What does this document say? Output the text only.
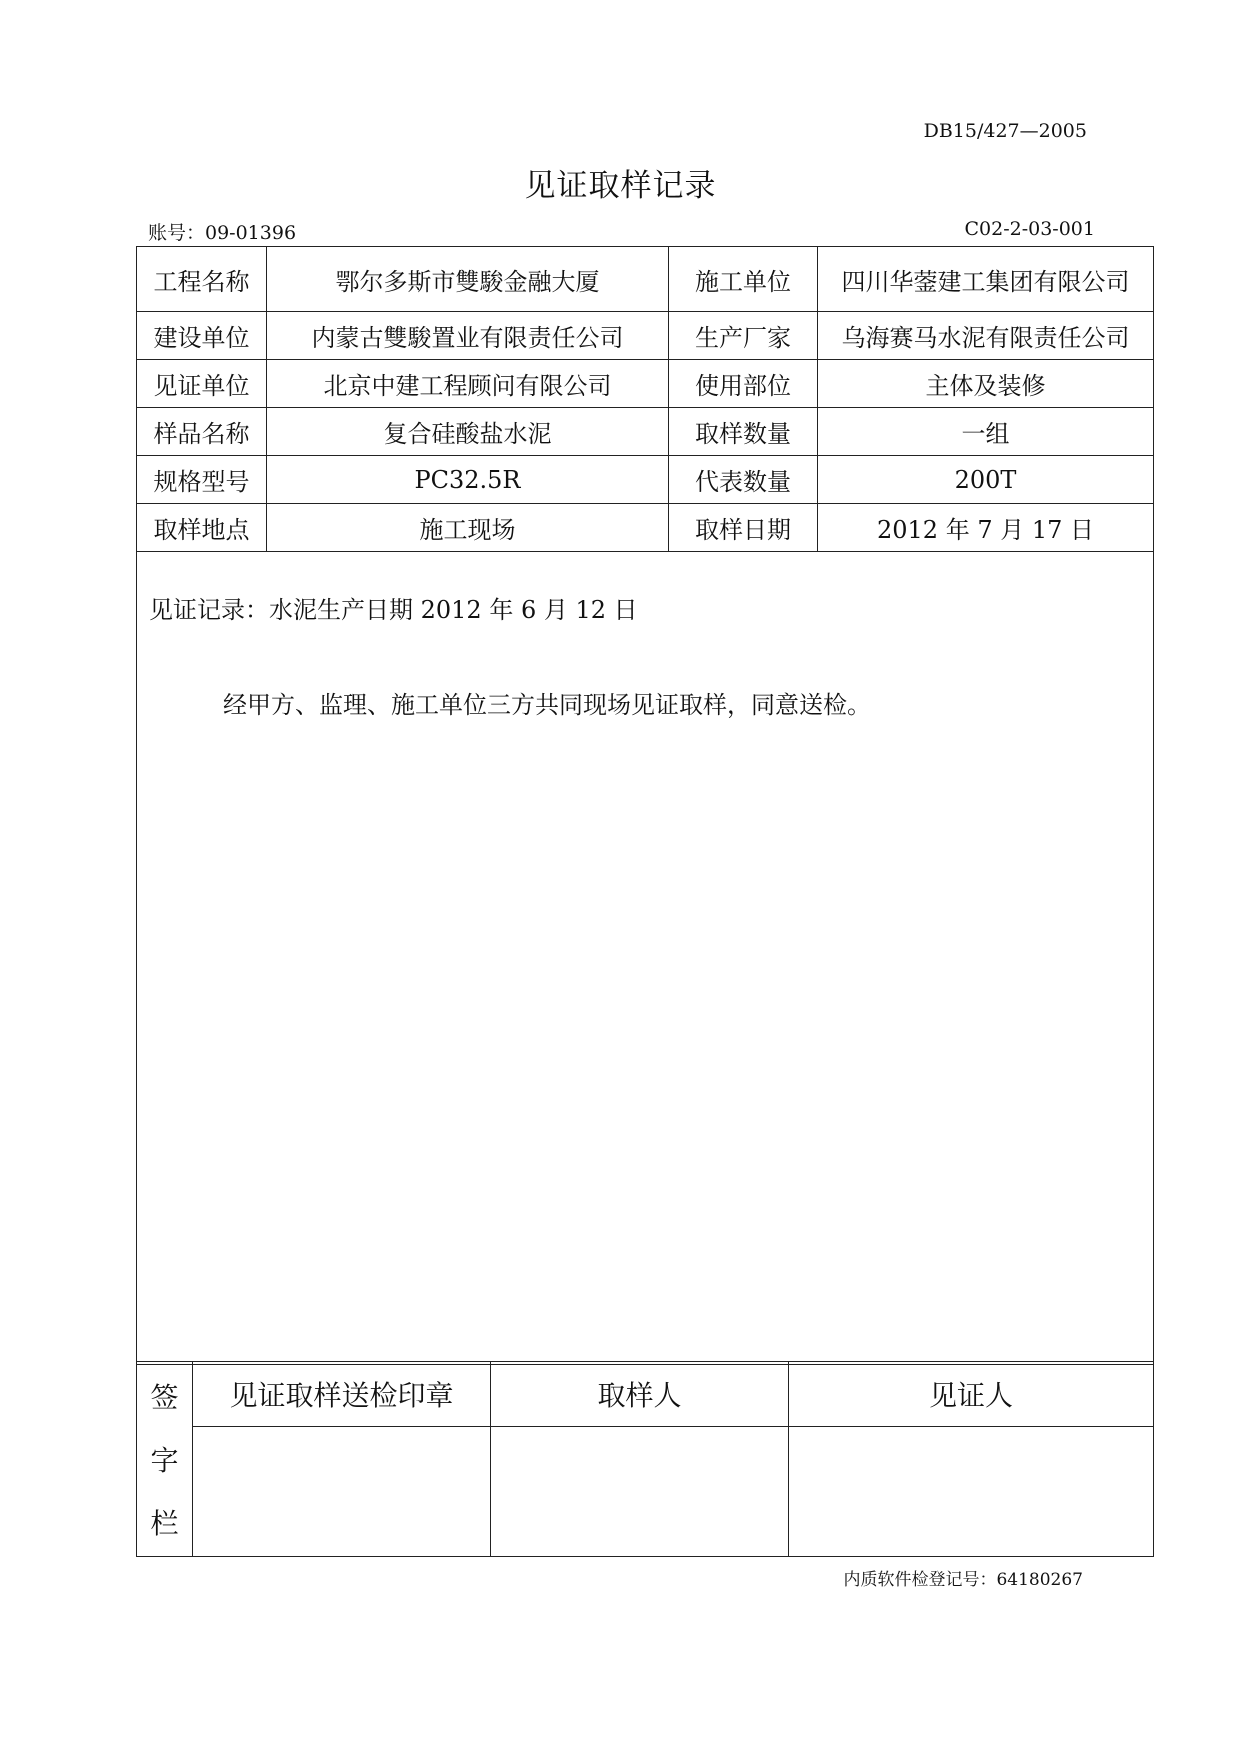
DB15/427—2005
见证取样记录
账号：09-01396	C02-2-03-001
工程名称	鄂尔多斯市雙駿金融大厦	施工单位	四川华蓥建工集团有限公司
建设单位	内蒙古雙駿置业有限责任公司	生产厂家	乌海赛马水泥有限责任公司
见证单位	北京中建工程顾问有限公司	使用部位	主体及装修
样品名称	复合硅酸盐水泥	取样数量	一组
规格型号	PC32.5R	代表数量	200T
取样地点	施工现场	取样日期	2012 年 7 月 17 日

见证记录：水泥生产日期 2012 年 6 月 12 日
经甲方、监理、施工单位三方共同现场见证取样，同意送检。			
签
字
栏	见证取样送检印章	取样人	见证人

内质软件检登记号：64180267
